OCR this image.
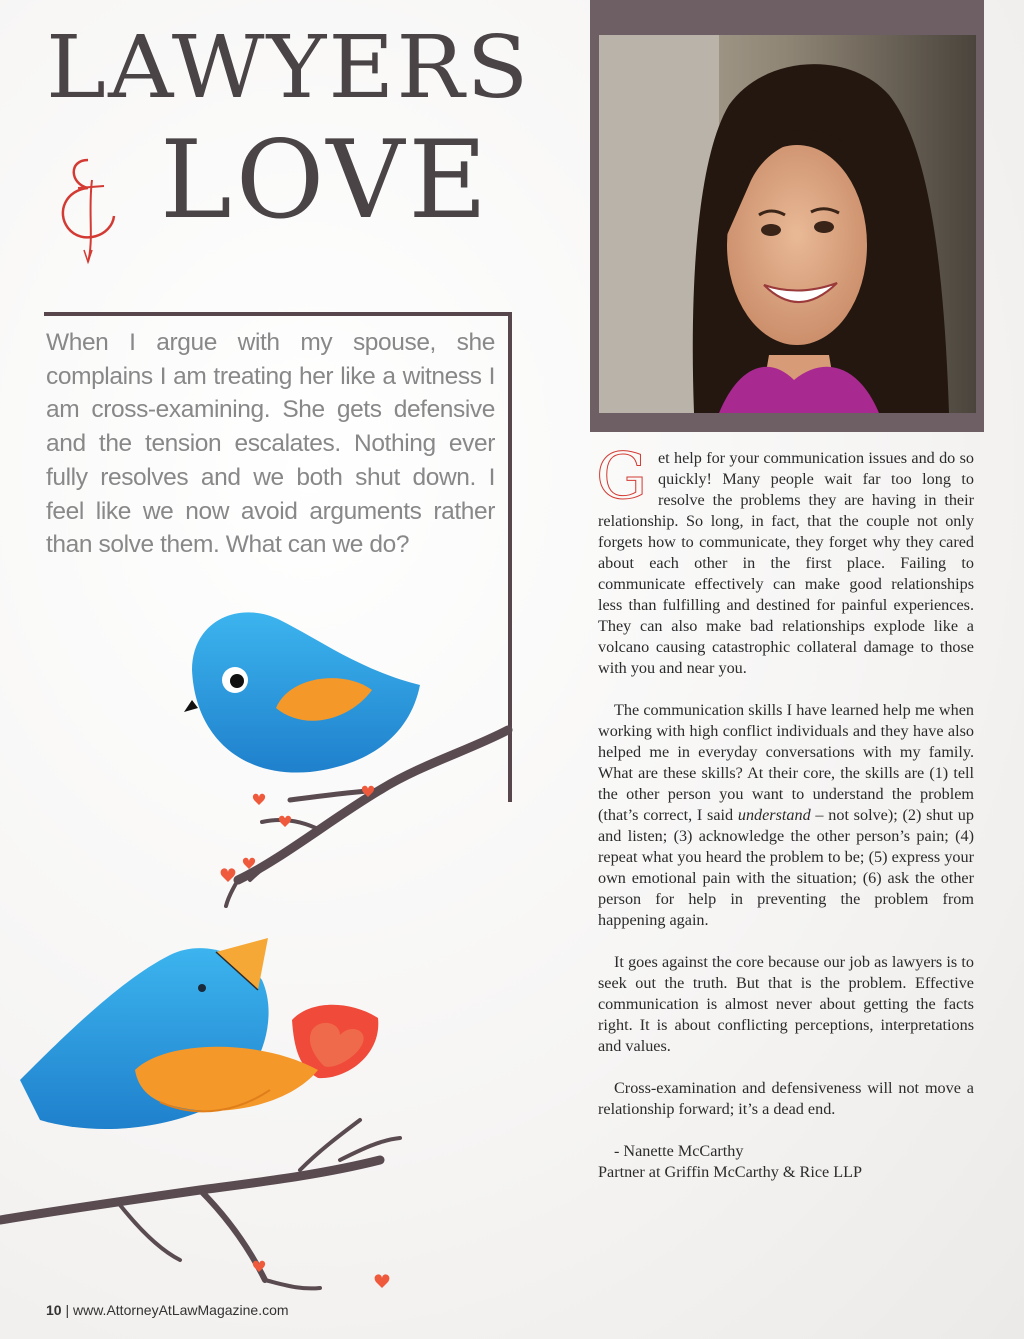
LAWYERS
LOVE
When I argue with my spouse, she complains I am treating her like a witness I am cross-examining. She gets defensive and the tension escalates. Nothing ever fully resolves and we both shut down. I feel like we now avoid arguments rather than solve them. What can we do?

Get help for your communication issues and do so quickly! Many people wait far too long to resolve the problems they are having in their relationship. So long, in fact, that the couple not only forgets how to communicate, they forget why they cared about each other in the first place. Failing to communicate effectively can make good relationships less than fulfilling and destined for painful experiences. They can also make bad relationships explode like a volcano causing catastrophic collateral damage to those with you and near you.

The communication skills I have learned help me when working with high conflict individuals and they have also helped me in everyday conversations with my family. What are these skills? At their core, the skills are (1) tell the other person you want to understand the problem (that’s correct, I said understand – not solve); (2) shut up and listen; (3) acknowledge the other person’s pain; (4) repeat what you heard the problem to be; (5) express your own emotional pain with the situation; (6) ask the other person for help in preventing the problem from happening again.

It goes against the core because our job as lawyers is to seek out the truth. But that is the problem. Effective communication is almost never about getting the facts right. It is about conflicting perceptions, interpretations and values.

Cross-examination and defensiveness will not move a relationship forward; it’s a dead end.

- Nanette McCarthy
Partner at Griffin McCarthy & Rice LLP
10 | www.AttorneyAtLawMagazine.com
